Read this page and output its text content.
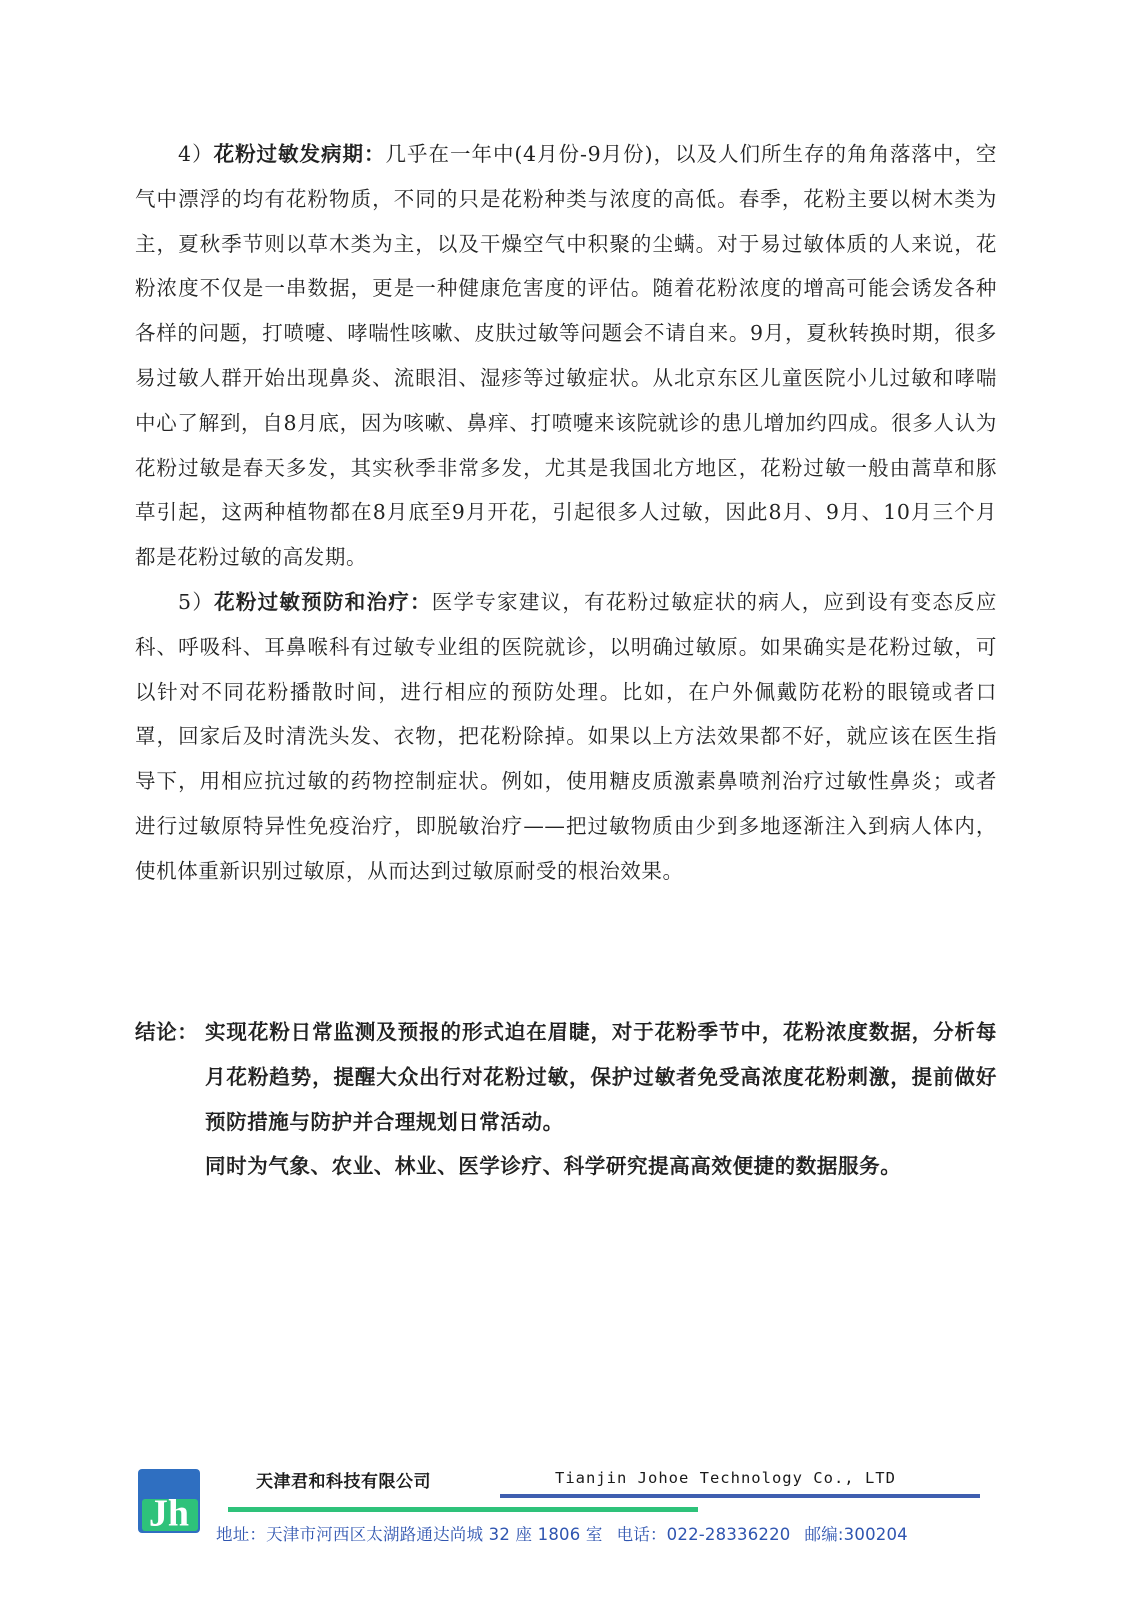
4）花粉过敏发病期：几乎在一年中(4月份-9月份)，以及人们所生存的角角落落中，空气中漂浮的均有花粉物质，不同的只是花粉种类与浓度的高低。春季，花粉主要以树木类为主，夏秋季节则以草木类为主，以及干燥空气中积聚的尘螨。对于易过敏体质的人来说，花粉浓度不仅是一串数据，更是一种健康危害度的评估。随着花粉浓度的增高可能会诱发各种各样的问题，打喷嚏、哮喘性咳嗽、皮肤过敏等问题会不请自来。9月，夏秋转换时期，很多易过敏人群开始出现鼻炎、流眼泪、湿疹等过敏症状。从北京东区儿童医院小儿过敏和哮喘中心了解到，自8月底，因为咳嗽、鼻痒、打喷嚏来该院就诊的患儿增加约四成。很多人认为花粉过敏是春天多发，其实秋季非常多发，尤其是我国北方地区，花粉过敏一般由蒿草和豚草引起，这两种植物都在8月底至9月开花，引起很多人过敏，因此8月、9月、10月三个月都是花粉过敏的高发期。

5）花粉过敏预防和治疗：医学专家建议，有花粉过敏症状的病人，应到设有变态反应科、呼吸科、耳鼻喉科有过敏专业组的医院就诊，以明确过敏原。如果确实是花粉过敏，可以针对不同花粉播散时间，进行相应的预防处理。比如，在户外佩戴防花粉的眼镜或者口罩，回家后及时清洗头发、衣物，把花粉除掉。如果以上方法效果都不好，就应该在医生指导下，用相应抗过敏的药物控制症状。例如，使用糖皮质激素鼻喷剂治疗过敏性鼻炎；或者进行过敏原特异性免疫治疗，即脱敏治疗——把过敏物质由少到多地逐渐注入到病人体内，使机体重新识别过敏原，从而达到过敏原耐受的根治效果。

结论： 实现花粉日常监测及预报的形式迫在眉睫，对于花粉季节中，花粉浓度数据，分析每月花粉趋势，提醒大众出行对花粉过敏，保护过敏者免受高浓度花粉刺激，提前做好预防措施与防护并合理规划日常活动。

同时为气象、农业、林业、医学诊疗、科学研究提高高效便捷的数据服务。

Jh
天津君和科技有限公司	Tianjin Johoe Technology Co., LTD
地址：天津市河西区太湖路通达尚城 32 座 1806 室 电话：022-28336220 邮编:300204
